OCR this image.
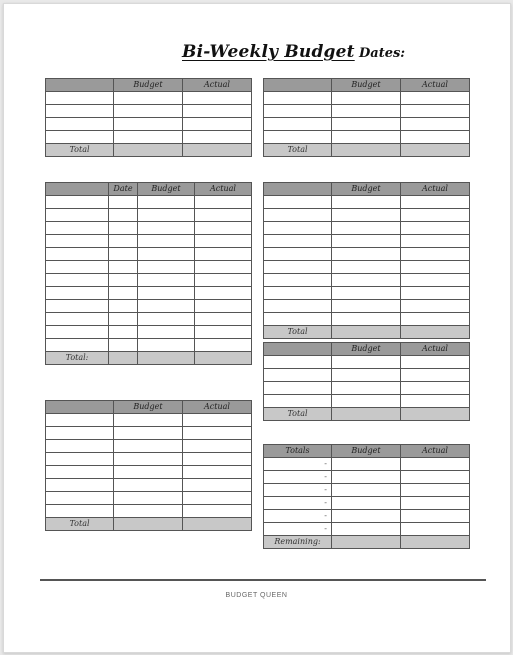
Bi-Weekly Budget Dates:
	Budget	Actual

Total		
	Budget	Actual

Total		
	Date	Budget	Actual

Total:			
	Budget	Actual

Total		
	Budget	Actual

Total		
	Budget	Actual

Total		
Totals	Budget	Actual
-		
-		
-		
-		
-		
-		
Remaining:		
BUDGET QUEEN
